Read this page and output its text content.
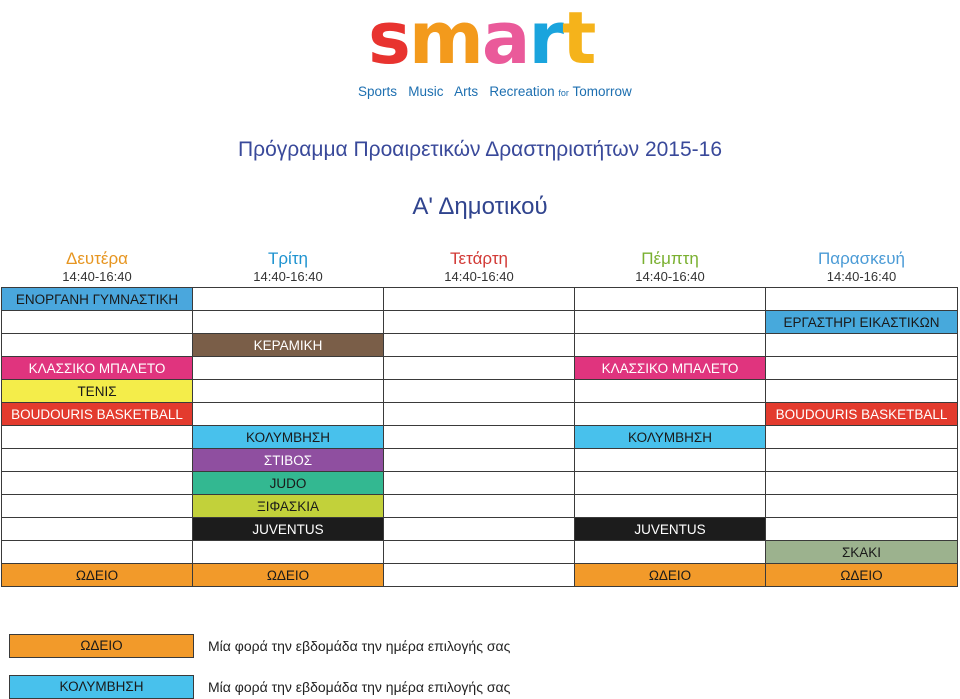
smart
Sports Music Arts Recreation for Tomorrow
Πρόγραμμα Προαιρετικών Δραστηριοτήτων 2015-16
Α' Δημοτικού
Δευτέρα	Τρίτη	Τετάρτη	Πέμπτη	Παρασκευή
14:40-16:40	14:40-16:40	14:40-16:40	14:40-16:40	14:40-16:40
ΕΝΟΡΓΑΝΗ ΓΥΜΝΑΣΤΙΚΗ				
				ΕΡΓΑΣΤΗΡΙ ΕΙΚΑΣΤΙΚΩΝ
	ΚΕΡΑΜΙΚΗ			
ΚΛΑΣΣΙΚΟ ΜΠΑΛΕΤΟ			ΚΛΑΣΣΙΚΟ ΜΠΑΛΕΤΟ	
ΤΕΝΙΣ				
BOUDOURIS BASKETBALL				BOUDOURIS BASKETBALL
	ΚΟΛΥΜΒΗΣΗ		ΚΟΛΥΜΒΗΣΗ	
	ΣΤΙΒΟΣ			
	JUDO			
	ΞΙΦΑΣΚΙΑ			
	JUVENTUS		JUVENTUS	
				ΣΚΑΚΙ
ΩΔΕΙΟ	ΩΔΕΙΟ		ΩΔΕΙΟ	ΩΔΕΙΟ
ΩΔΕΙΟ	Μία φορά την εβδομάδα την ημέρα επιλογής σας
ΚΟΛΥΜΒΗΣΗ	Μία φορά την εβδομάδα την ημέρα επιλογής σας
